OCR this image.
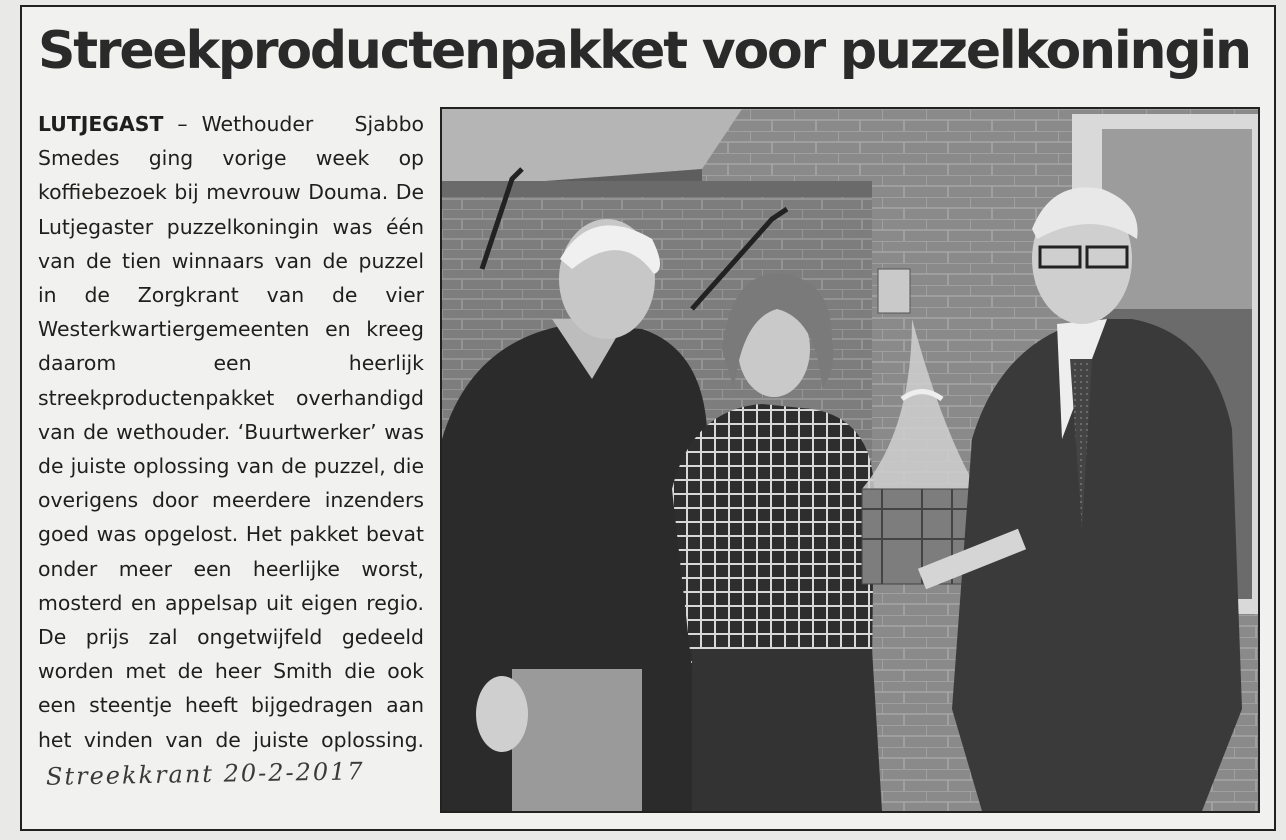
Streekproductenpakket voor puzzelkoningin

LUTJEGAST – Wethouder Sjabbo Smedes ging vorige week op koffiebezoek bij mevrouw Douma. De Lutjegaster puzzelkoningin was één van de tien winnaars van de puzzel in de Zorgkrant van de vier Westerkwartiergemeenten en kreeg daarom een heerlijk streekproductenpakket overhandigd van de wethouder. ‘Buurtwerker’ was de juiste oplossing van de puzzel, die overigens door meerdere inzenders goed was opgelost. Het pakket bevat onder meer een heerlijke worst, mosterd en appelsap uit eigen regio. De prijs zal ongetwijfeld gedeeld worden met de heer Smith die ook een steentje heeft bijgedragen aan het vinden van de juiste oplossing.Streekkrant 20-2-2017
